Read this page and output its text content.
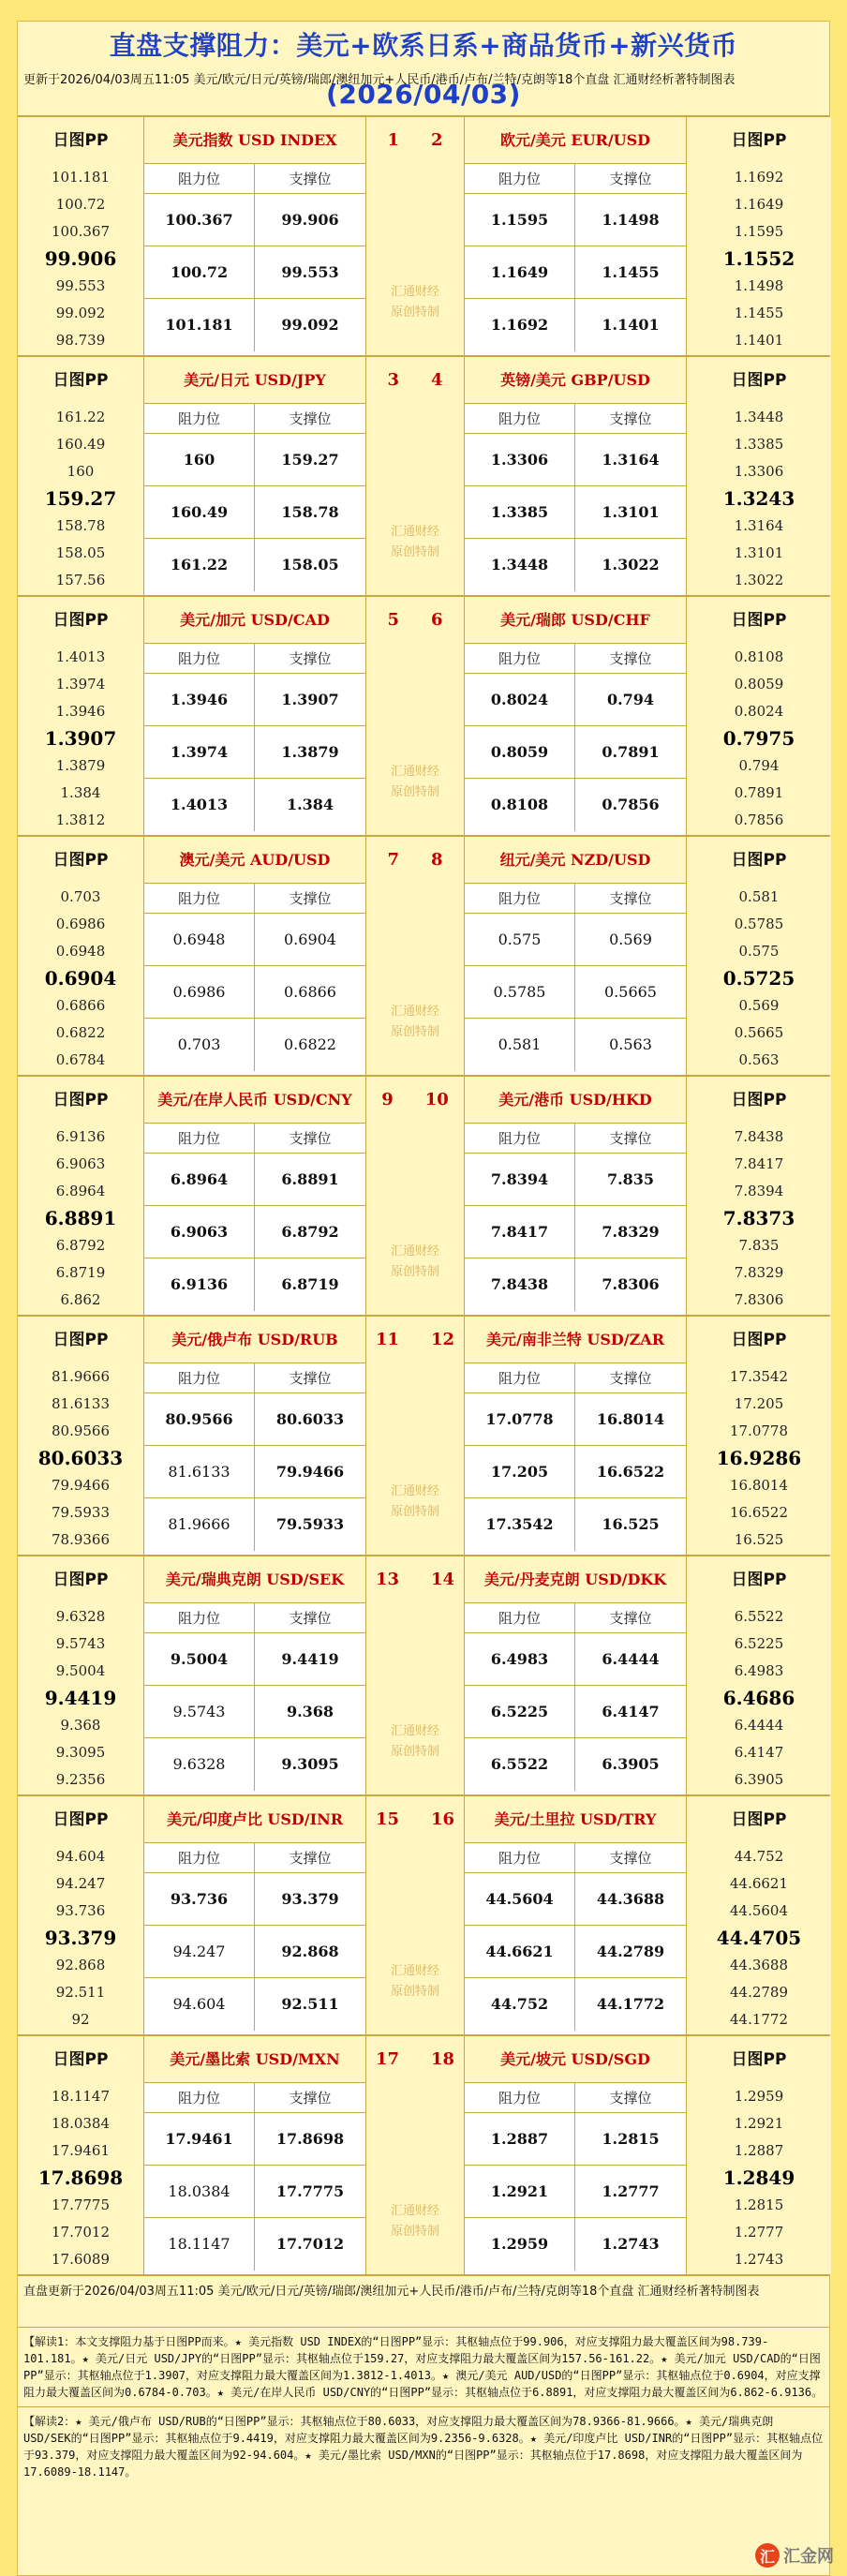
直盘支撑阻力：美元+欧系日系+商品货币+新兴货币(2026/04/03)
更新于2026/04/03周五11:05 美元/欧元/日元/英镑/瑞郎/澳纽加元+人民币/港币/卢布/兰特/克朗等18个直盘 汇通财经析著特制图表
日图PP
101.181
100.72
100.367
99.906
99.553
99.092
98.739
美元指数 USD INDEX
阻力位	支撑位
100.367	99.906
100.72	99.553
101.181	99.092
1 2
汇通财经
原创特制
欧元/美元 EUR/USD
阻力位	支撑位
1.1595	1.1498
1.1649	1.1455
1.1692	1.1401
日图PP
1.1692
1.1649
1.1595
1.1552
1.1498
1.1455
1.1401
日图PP
161.22
160.49
160
159.27
158.78
158.05
157.56
美元/日元 USD/JPY
阻力位	支撑位
160	159.27
160.49	158.78
161.22	158.05
3 4
汇通财经
原创特制
英镑/美元 GBP/USD
阻力位	支撑位
1.3306	1.3164
1.3385	1.3101
1.3448	1.3022
日图PP
1.3448
1.3385
1.3306
1.3243
1.3164
1.3101
1.3022
日图PP
1.4013
1.3974
1.3946
1.3907
1.3879
1.384
1.3812
美元/加元 USD/CAD
阻力位	支撑位
1.3946	1.3907
1.3974	1.3879
1.4013	1.384
5 6
汇通财经
原创特制
美元/瑞郎 USD/CHF
阻力位	支撑位
0.8024	0.794
0.8059	0.7891
0.8108	0.7856
日图PP
0.8108
0.8059
0.8024
0.7975
0.794
0.7891
0.7856
日图PP
0.703
0.6986
0.6948
0.6904
0.6866
0.6822
0.6784
澳元/美元 AUD/USD
阻力位	支撑位
0.6948	0.6904
0.6986	0.6866
0.703	0.6822
7 8
汇通财经
原创特制
纽元/美元 NZD/USD
阻力位	支撑位
0.575	0.569
0.5785	0.5665
0.581	0.563
日图PP
0.581
0.5785
0.575
0.5725
0.569
0.5665
0.563
日图PP
6.9136
6.9063
6.8964
6.8891
6.8792
6.8719
6.862
美元/在岸人民币 USD/CNY
阻力位	支撑位
6.8964	6.8891
6.9063	6.8792
6.9136	6.8719
9 10
汇通财经
原创特制
美元/港币 USD/HKD
阻力位	支撑位
7.8394	7.835
7.8417	7.8329
7.8438	7.8306
日图PP
7.8438
7.8417
7.8394
7.8373
7.835
7.8329
7.8306
日图PP
81.9666
81.6133
80.9566
80.6033
79.9466
79.5933
78.9366
美元/俄卢布 USD/RUB
阻力位	支撑位
80.9566	80.6033
81.6133	79.9466
81.9666	79.5933
11 12
汇通财经
原创特制
美元/南非兰特 USD/ZAR
阻力位	支撑位
17.0778	16.8014
17.205	16.6522
17.3542	16.525
日图PP
17.3542
17.205
17.0778
16.9286
16.8014
16.6522
16.525
日图PP
9.6328
9.5743
9.5004
9.4419
9.368
9.3095
9.2356
美元/瑞典克朗 USD/SEK
阻力位	支撑位
9.5004	9.4419
9.5743	9.368
9.6328	9.3095
13 14
汇通财经
原创特制
美元/丹麦克朗 USD/DKK
阻力位	支撑位
6.4983	6.4444
6.5225	6.4147
6.5522	6.3905
日图PP
6.5522
6.5225
6.4983
6.4686
6.4444
6.4147
6.3905
日图PP
94.604
94.247
93.736
93.379
92.868
92.511
92
美元/印度卢比 USD/INR
阻力位	支撑位
93.736	93.379
94.247	92.868
94.604	92.511
15 16
汇通财经
原创特制
美元/土里拉 USD/TRY
阻力位	支撑位
44.5604	44.3688
44.6621	44.2789
44.752	44.1772
日图PP
44.752
44.6621
44.5604
44.4705
44.3688
44.2789
44.1772
日图PP
18.1147
18.0384
17.9461
17.8698
17.7775
17.7012
17.6089
美元/墨比索 USD/MXN
阻力位	支撑位
17.9461	17.8698
18.0384	17.7775
18.1147	17.7012
17 18
汇通财经
原创特制
美元/坡元 USD/SGD
阻力位	支撑位
1.2887	1.2815
1.2921	1.2777
1.2959	1.2743
日图PP
1.2959
1.2921
1.2887
1.2849
1.2815
1.2777
1.2743
直盘更新于2026/04/03周五11:05 美元/欧元/日元/英镑/瑞郎/澳纽加元+人民币/港币/卢布/兰特/克朗等18个直盘 汇通财经析著特制图表
【解读1：本文支撑阻力基于日图PP而来。★ 美元指数 USD INDEX的“日图PP”显示：其枢轴点位于99.906，对应支撑阻力最大覆盖区间为98.739-101.181。★ 美元/日元 USD/JPY的“日图PP”显示：其枢轴点位于159.27，对应支撑阻力最大覆盖区间为157.56-161.22。★ 美元/加元 USD/CAD的“日图PP”显示：其枢轴点位于1.3907，对应支撑阻力最大覆盖区间为1.3812-1.4013。★ 澳元/美元 AUD/USD的“日图PP”显示：其枢轴点位于0.6904，对应支撑阻力最大覆盖区间为0.6784-0.703。★ 美元/在岸人民币 USD/CNY的“日图PP”显示：其枢轴点位于6.8891，对应支撑阻力最大覆盖区间为6.862-6.9136。
【解读2：★ 美元/俄卢布 USD/RUB的“日图PP”显示：其枢轴点位于80.6033，对应支撑阻力最大覆盖区间为78.9366-81.9666。★ 美元/瑞典克朗 USD/SEK的“日图PP”显示：其枢轴点位于9.4419，对应支撑阻力最大覆盖区间为9.2356-9.6328。★ 美元/印度卢比 USD/INR的“日图PP”显示：其枢轴点位于93.379，对应支撑阻力最大覆盖区间为92-94.604。★ 美元/墨比索 USD/MXN的“日图PP”显示：其枢轴点位于17.8698，对应支撑阻力最大覆盖区间为17.6089-18.1147。
汇 汇金网
